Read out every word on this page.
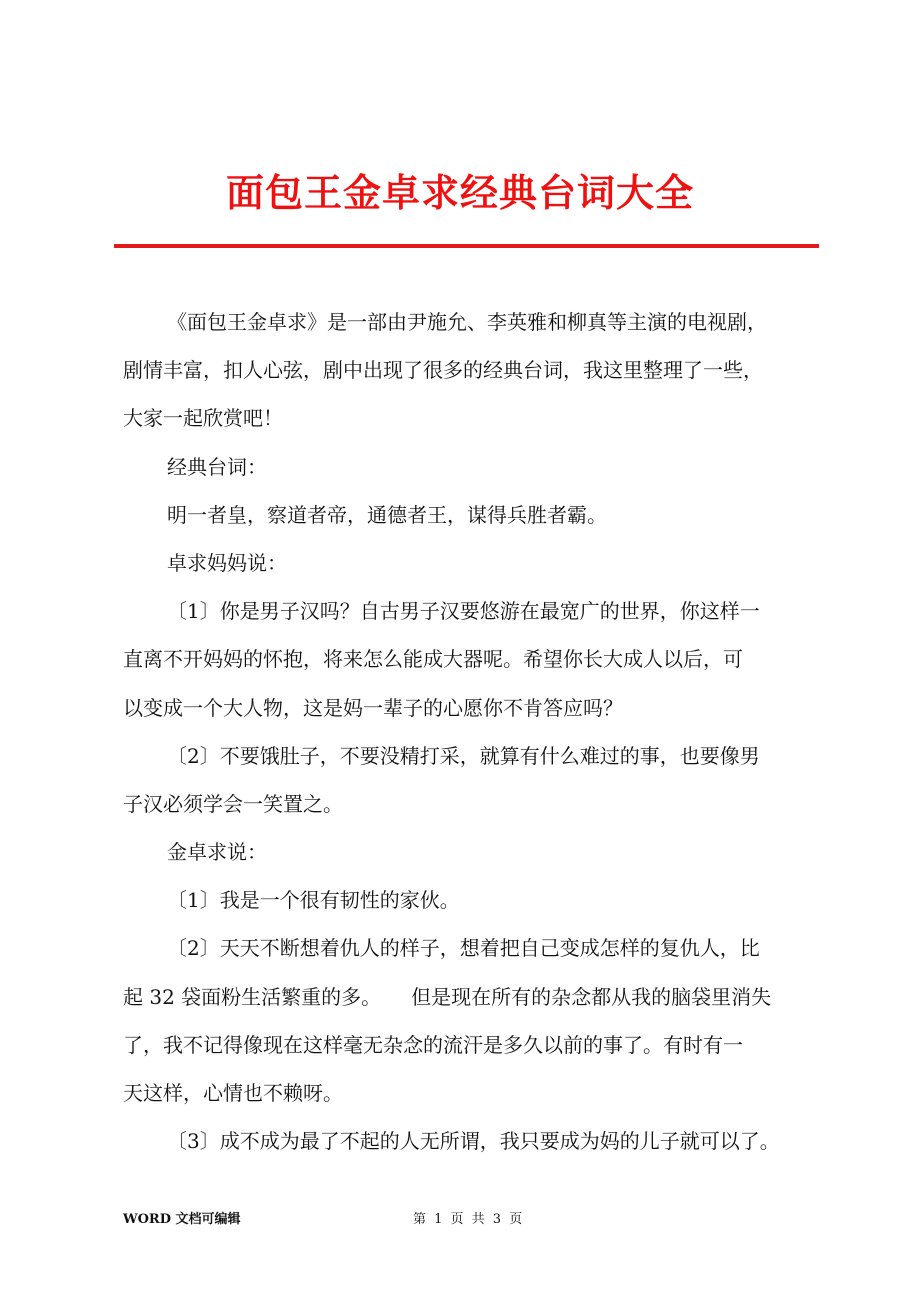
面包王金卓求经典台词大全
《面包王金卓求》是一部由尹施允、李英雅和柳真等主演的电视剧，
剧情丰富，扣人心弦，剧中出现了很多的经典台词，我这里整理了一些，
大家一起欣赏吧！
经典台词：
明一者皇，察道者帝，通德者王，谋得兵胜者霸。
卓求妈妈说：
〔1〕你是男子汉吗？自古男子汉要悠游在最宽广的世界，你这样一
直离不开妈妈的怀抱，将来怎么能成大器呢。希望你长大成人以后，可
以变成一个大人物，这是妈一辈子的心愿你不肯答应吗？
〔2〕不要饿肚子，不要没精打采，就算有什么难过的事，也要像男
子汉必须学会一笑置之。
金卓求说：
〔1〕我是一个很有韧性的家伙。
〔2〕天天不断想着仇人的样子，想着把自己变成怎样的复仇人，比
起 32 袋面粉生活繁重的多。　　但是现在所有的杂念都从我的脑袋里消失
了，我不记得像现在这样毫无杂念的流汗是多久以前的事了。有时有一
天这样，心情也不赖呀。
〔3〕成不成为最了不起的人无所谓，我只要成为妈的儿子就可以了。
WORD 文档可编辑	第 1 页 共 3 页
